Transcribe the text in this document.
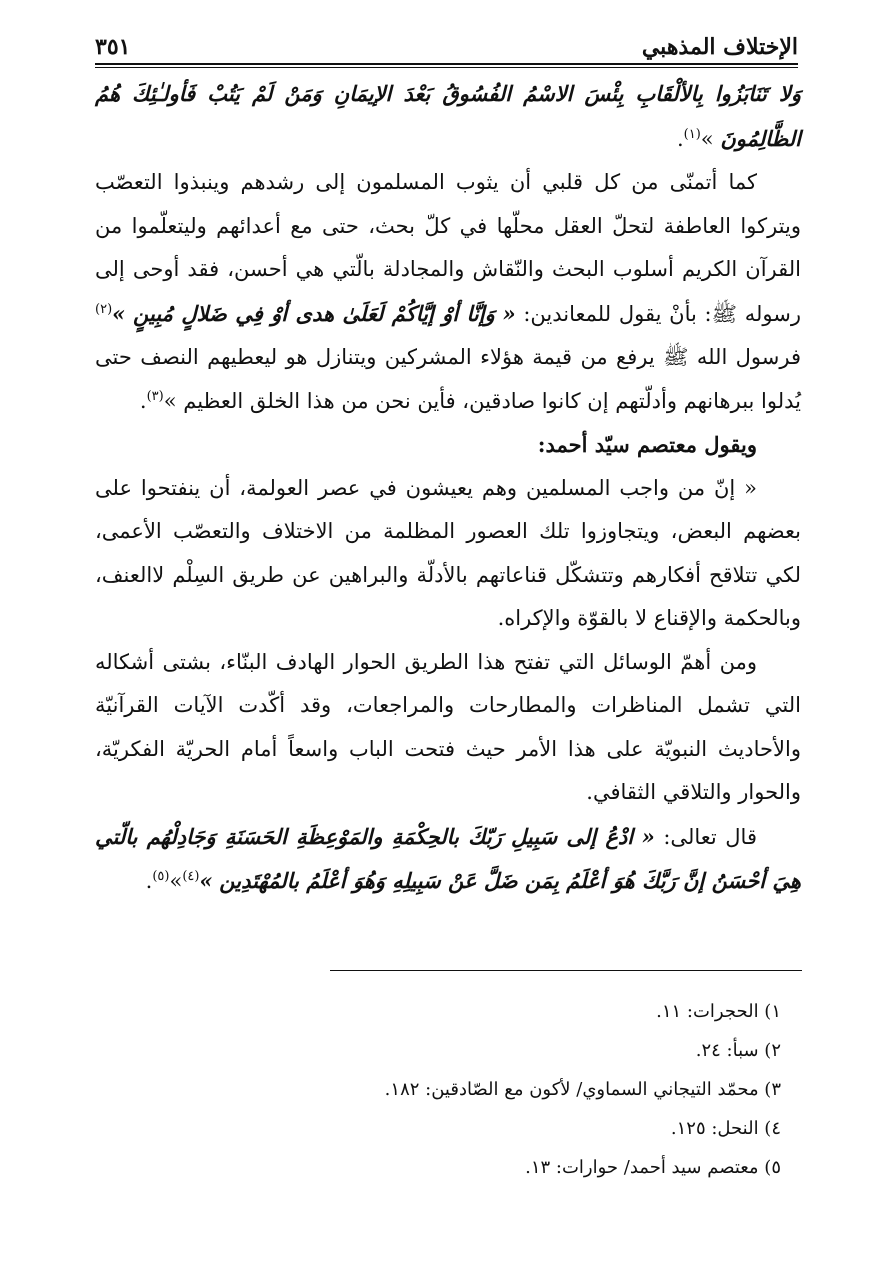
الإختلاف المذهبي
٣٥١

وَلا تَنَابَزُوا بِالألْقَابِ بِئْسَ الاسْمُ الفُسُوقُ بَعْدَ الإيمَانِ وَمَنْ لَمْ يَتُبْ فَأولـٰئِكَ هُمُ الظَّالِمُونَ »$^{(١)}$.

كما أتمنّى من كل قلبي أن يثوب المسلمون إلى رشدهم وينبذوا التعصّب ويتركوا العاطفة لتحلّ العقل محلّها في كلّ بحث، حتى مع أعدائهم وليتعلّموا من القرآن الكريم أسلوب البحث والنّقاش والمجادلة بالّتي هي أحسن، فقد أوحى إلى رسوله ﷺ: بأنْ يقول للمعاندين: « وَإنَّا أوْ إيَّاكُمْ لَعَلَىٰ هدى أوْ فِي ضَلالٍ مُبِينٍ »$^{(٢)}$ فرسول الله ﷺ يرفع من قيمة هؤلاء المشركين ويتنازل هو ليعطيهم النصف حتى يُدلوا ببرهانهم وأدلّتهم إن كانوا صادقين، فأين نحن من هذا الخلق العظيم »$^{(٣)}$.

ويقول معتصم سيّد أحمد:

« إنّ من واجب المسلمين وهم يعيشون في عصر العولمة، أن ينفتحوا على بعضهم البعض، ويتجاوزوا تلك العصور المظلمة من الاختلاف والتعصّب الأعمى، لكي تتلاقح أفكارهم وتتشكّل قناعاتهم بالأدلّة والبراهين عن طريق السِلْم لاالعنف، وبالحكمة والإقناع لا بالقوّة والإكراه.

ومن أهمّ الوسائل التي تفتح هذا الطريق الحوار الهادف البنّاء، بشتى أشكاله التي تشمل المناظرات والمطارحات والمراجعات، وقد أكّدت الآيات القرآنيّة والأحاديث النبويّة على هذا الأمر حيث فتحت الباب واسعاً أمام الحريّة الفكريّة، والحوار والتلاقي الثقافي.

قال تعالى: « ادْعُ إلى سَبِيلِ رَبّكَ بالحِكْمَةِ والمَوْعِظَةِ الحَسَنَةِ وَجَادِلْهُم بالّتي هِيَ أحْسَنُ إنَّ رَبَّكَ هُوَ أعْلَمُ بِمَن ضَلَّ عَنْ سَبِيلِهِ وَهُوَ أعْلَمُ بالمُهْتَدِين »$^{(٤)}$»$^{(٥)}$.

١) الحجرات: ١١.
٢) سبأ: ٢٤.
٣) محمّد التيجاني السماوي/ لأكون مع الصّادقين: ١٨٢.
٤) النحل: ١٢٥.
٥) معتصم سيد أحمد/ حوارات: ١٣.
